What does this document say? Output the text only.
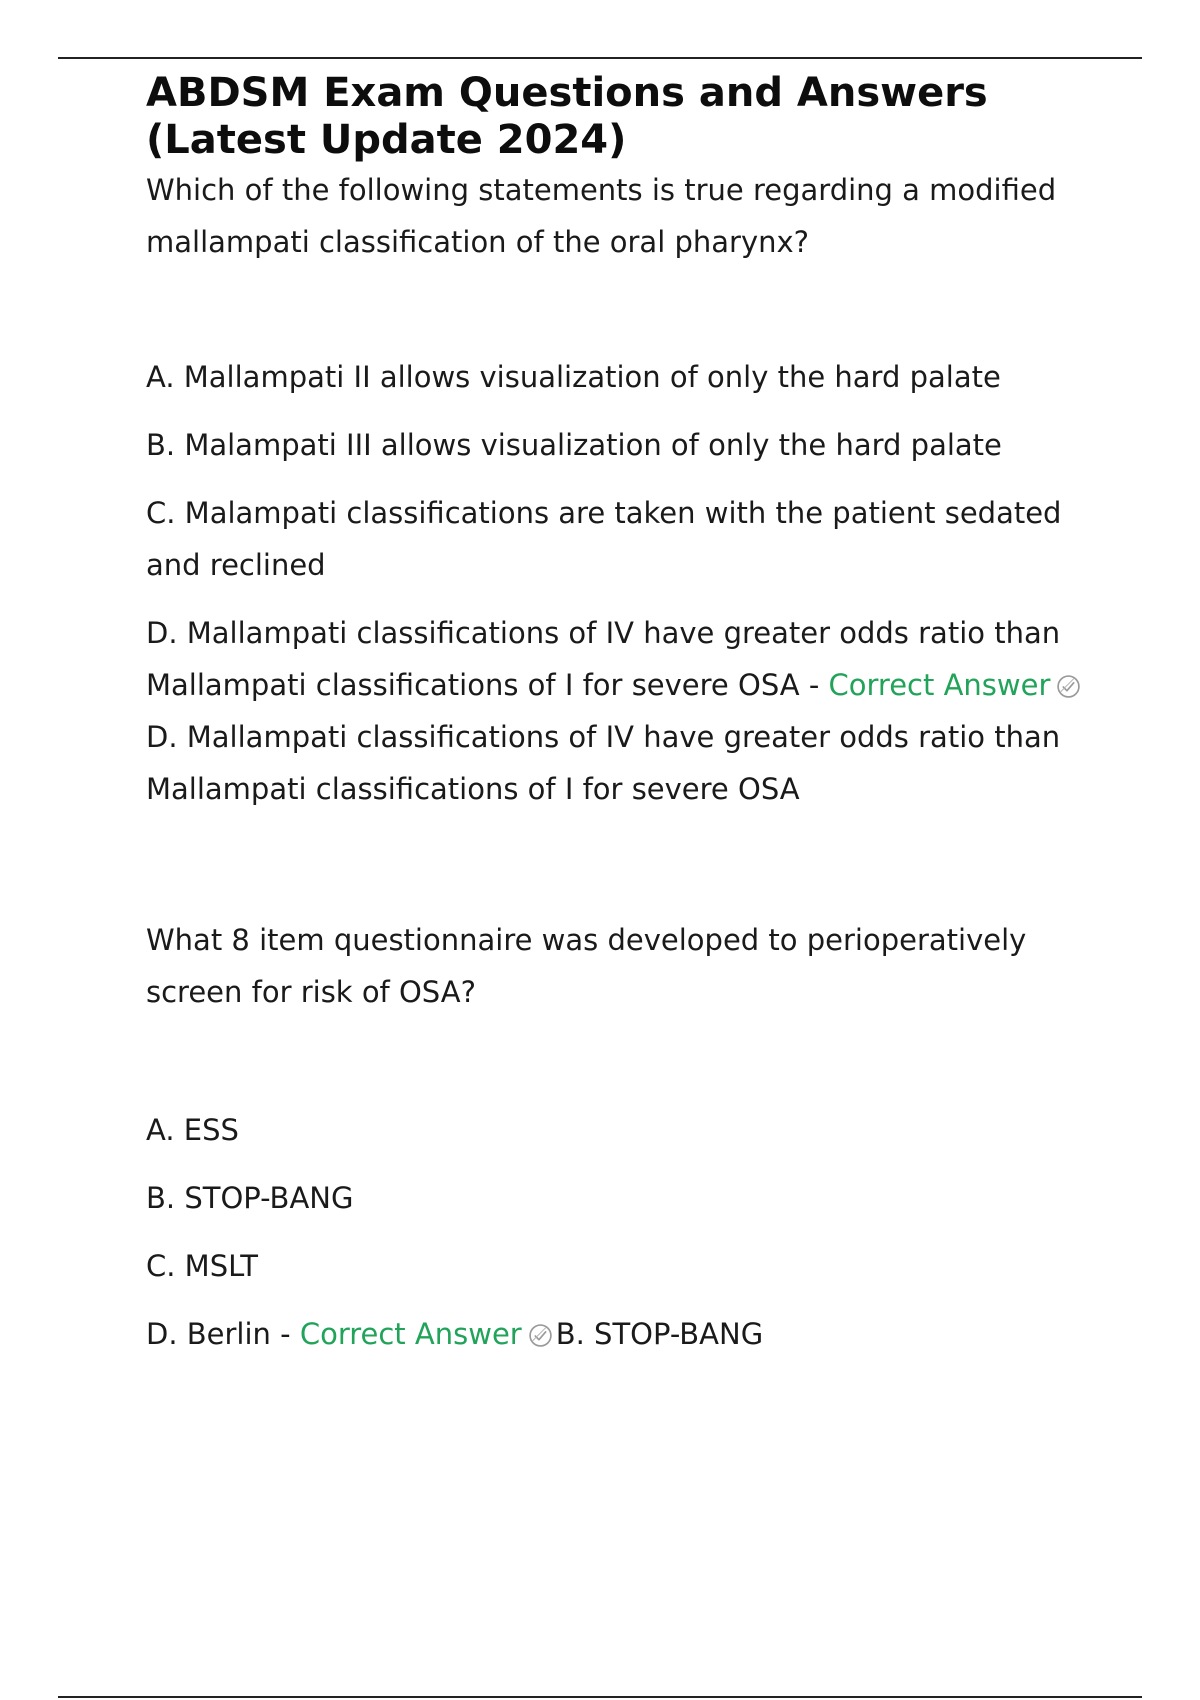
ABDSM Exam Questions and Answers
(Latest Update 2024)

Which of the following statements is true regarding a modified mallampati classification of the oral pharynx?

A. Mallampati II allows visualization of only the hard palate

B. Malampati III allows visualization of only the hard palate

C. Malampati classifications are taken with the patient sedated and reclined

D. Mallampati classifications of IV have greater odds ratio than Mallampati classifications of I for severe OSA - Correct AnswerD. Mallampati classifications of IV have greater odds ratio than Mallampati classifications of I for severe OSA

What 8 item questionnaire was developed to perioperatively screen for risk of OSA?

A. ESS

B. STOP-BANG

C. MSLT

D. Berlin - Correct Answer B. STOP-BANG
